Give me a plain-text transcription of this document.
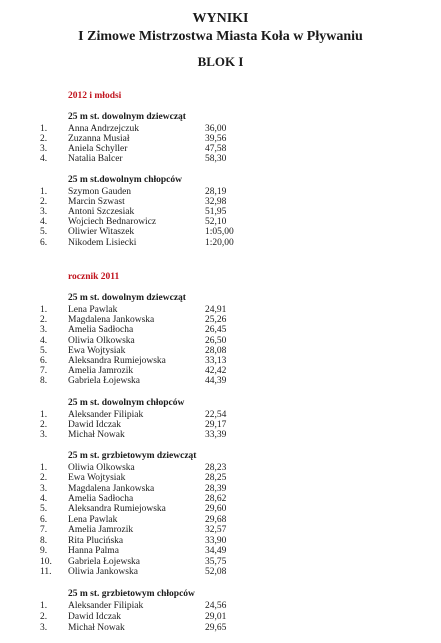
WYNIKI
I Zimowe Mistrzostwa Miasta Koła w Pływaniu
BLOK I
2012 i młodsi
25 m st. dowolnym dziewcząt
1. Anna Andrzejczuk	36,00
2. Zuzanna Musiał	39,56
3. Aniela Schyller	47,58
4. Natalia Balcer	58,30
25 m st.dowolnym chłopców
1. Szymon Gauden	28,19
2. Marcin Szwast	32,98
3. Antoni Szczesiak	51,95
4. Wojciech Bednarowicz	52,10
5. Oliwier Witaszek	1:05,00
6. Nikodem Lisiecki	1:20,00
rocznik 2011
25 m st. dowolnym dziewcząt
1. Lena Pawlak	24,91
2. Magdalena Jankowska	25,26
3. Amelia Sadłocha	26,45
4. Oliwia Olkowska	26,50
5. Ewa Wojtysiak	28,08
6. Aleksandra Rumiejowska	33,13
7. Amelia Jamrozik	42,42
8. Gabriela Łojewska	44,39
25 m st. dowolnym chłopców
1. Aleksander Filipiak	22,54
2. Dawid Idczak	29,17
3. Michał Nowak	33,39
25 m st. grzbietowym dziewcząt
1. Oliwia Olkowska	28,23
2. Ewa Wojtysiak	28,25
3. Magdalena Jankowska	28,39
4. Amelia Sadłocha	28,62
5. Aleksandra Rumiejowska	29,60
6. Lena Pawlak	29,68
7. Amelia Jamrozik	32,57
8. Rita Plucińska	33,90
9. Hanna Palma	34,49
10. Gabriela Łojewska	35,75
11. Oliwia Jankowska	52,08
25 m st. grzbietowym chłopców
1. Aleksander Filipiak	24,56
2. Dawid Idczak	29,01
3. Michał Nowak	29,65
